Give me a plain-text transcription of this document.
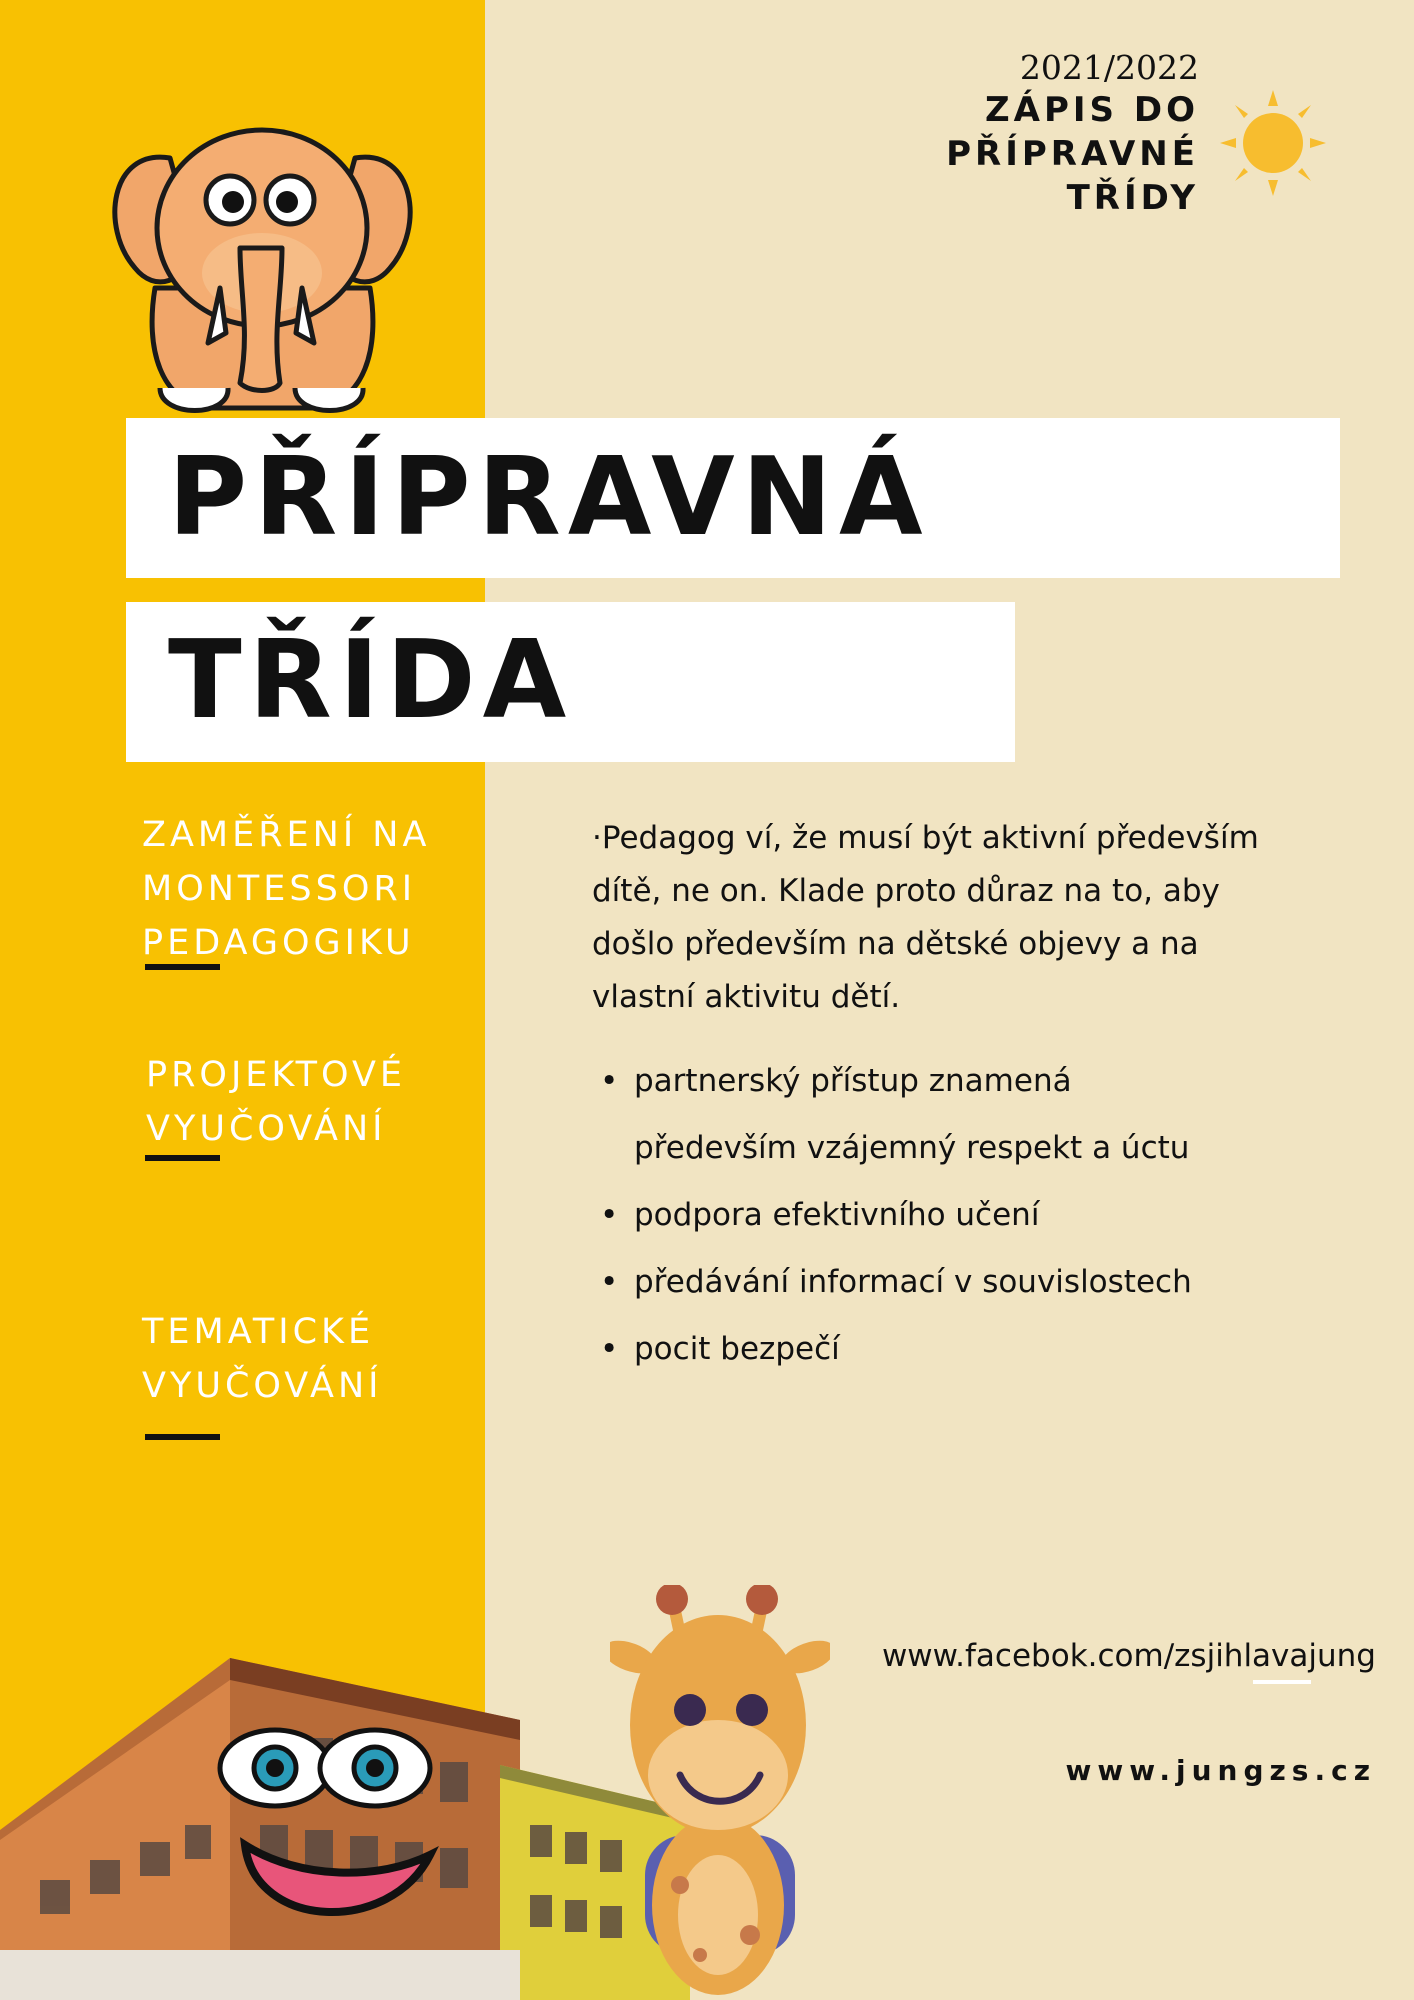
2021/2022
ZÁPIS DO
PŘÍPRAVNÉ
TŘÍDY
PŘÍPRAVNÁ
TŘÍDA
ZAMĚŘENÍ NA
MONTESSORI
PEDAGOGIKU
PROJEKTOVÉ
VYUČOVÁNÍ
TEMATICKÉ
VYUČOVÁNÍ
·Pedagog ví, že musí být aktivní především dítě, ne on. Klade proto důraz na to, aby došlo především na dětské objevy a na vlastní aktivitu dětí.
• partnerský přístup znamená především vzájemný respekt a úctu
• podpora efektivního učení
• předávání informací v souvislostech
• pocit bezpečí
www.facebok.com/zsjihlavajung
www.jungzs.cz
